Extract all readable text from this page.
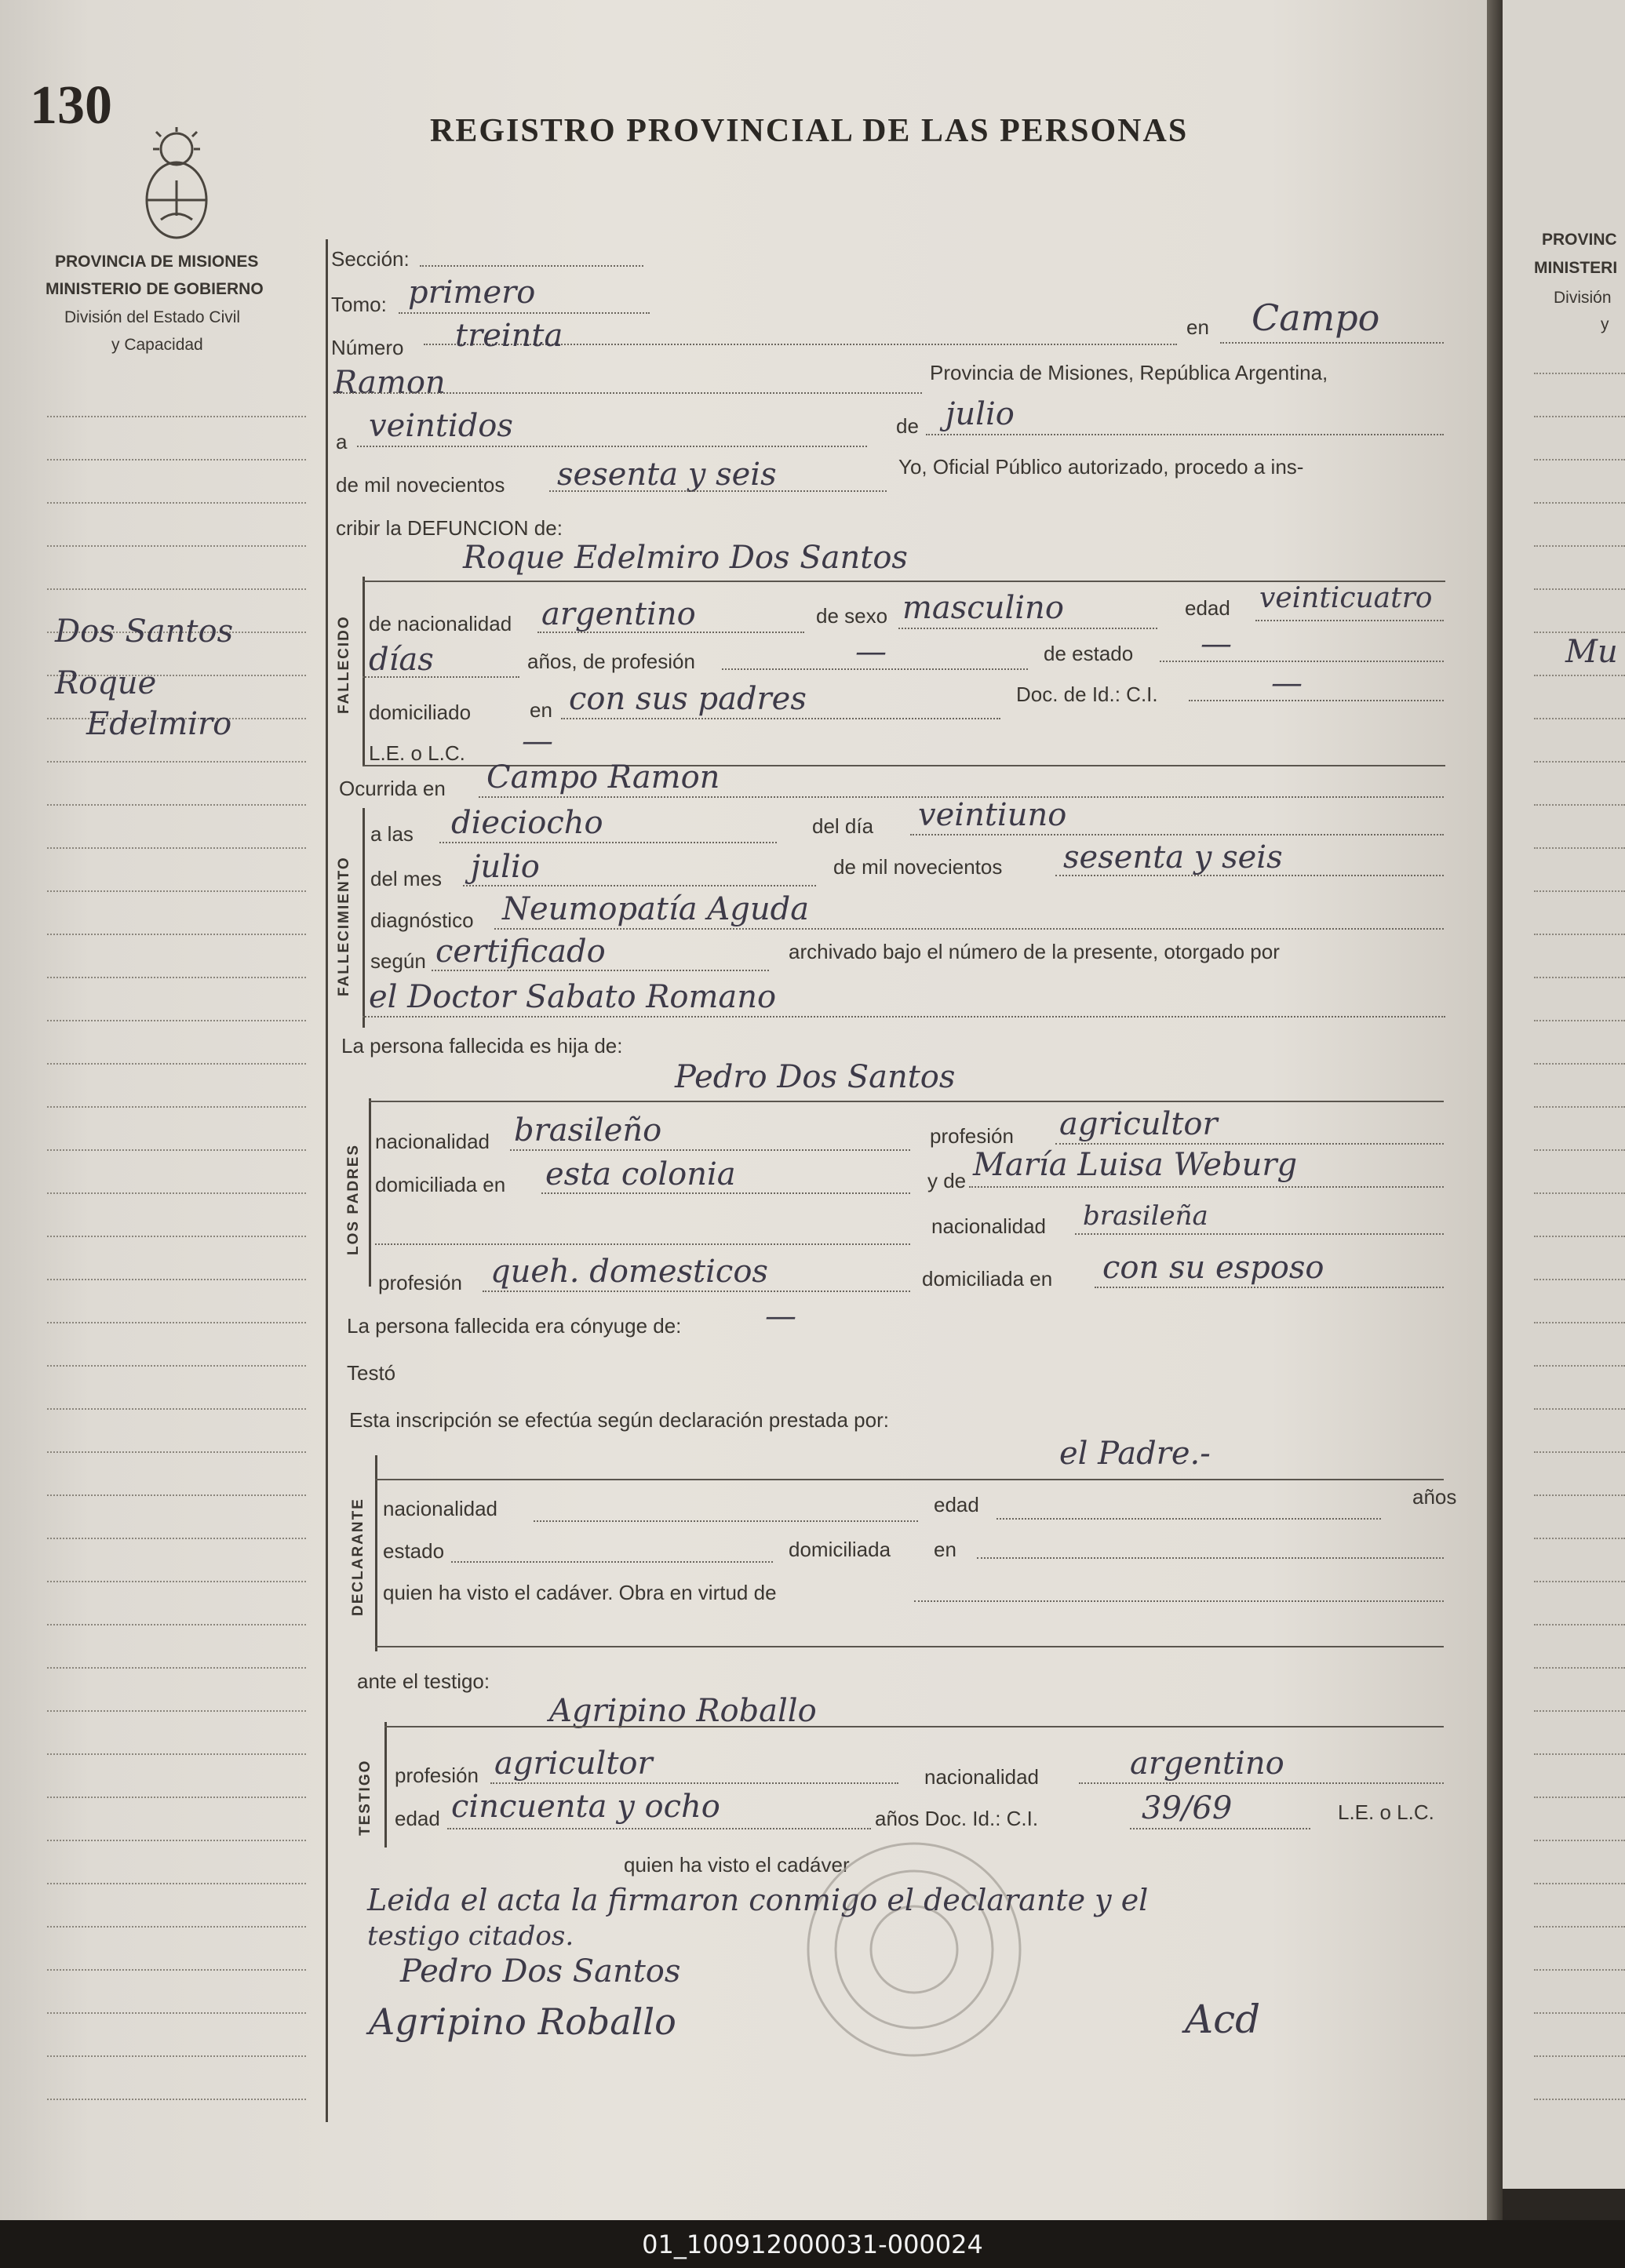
130
PROVINCIA DE MISIONES
MINISTERIO DE GOBIERNO
División del Estado Civil
y Capacidad
PROVINC
MINISTERI
División
y
Mu
Dos Santos
Roque
Edelmiro
REGISTRO PROVINCIAL DE LAS PERSONAS
Sección:
Tomo: primero
Número treinta	en Campo
Ramon	Provincia de Misiones, República Argentina,
a veintidos	de julio
de mil novecientos sesenta y seis	Yo, Oficial Público autorizado, procedo a ins-
cribir la DEFUNCION de:
FALLECIDO
Roque Edelmiro Dos Santos
de nacionalidad argentino	de sexo masculino	edad veinticuatro
días	años, de profesión	—	de estado —
domiciliado	en con sus padres	Doc. de Id.: C.I.	—
L.E. o L.C. —
Ocurrida en Campo Ramon
FALLECIMIENTO
a las dieciocho	del día veintiuno
del mes julio	de mil novecientos sesenta y seis
diagnóstico Neumopatía Aguda
según certificado	archivado bajo el número de la presente, otorgado por
el Doctor Sabato Romano
La persona fallecida es hija de:
LOS PADRES
Pedro Dos Santos
nacionalidad brasileño	profesión agricultor
domiciliada en esta colonia	y de María Luisa Weburg
nacionalidad brasileña
profesión queh. domesticos	domiciliada en con su esposo
La persona fallecida era cónyuge de:	—
Testó
Esta inscripción se efectúa según declaración prestada por:
DECLARANTE
el Padre.-
nacionalidad	edad	años
estado	domiciliada en
quien ha visto el cadáver. Obra en virtud de
ante el testigo:
TESTIGO
Agripino Roballo
profesión agricultor	nacionalidad	argentino
edad cincuenta y ocho	años Doc. Id.: C.I.	39/69	L.E. o L.C.
quien ha visto el cadáver
Leida el acta la firmaron conmigo el declarante y el
testigo citados.
Pedro Dos Santos
Agripino Roballo	Acd
01_100912000031-000024
